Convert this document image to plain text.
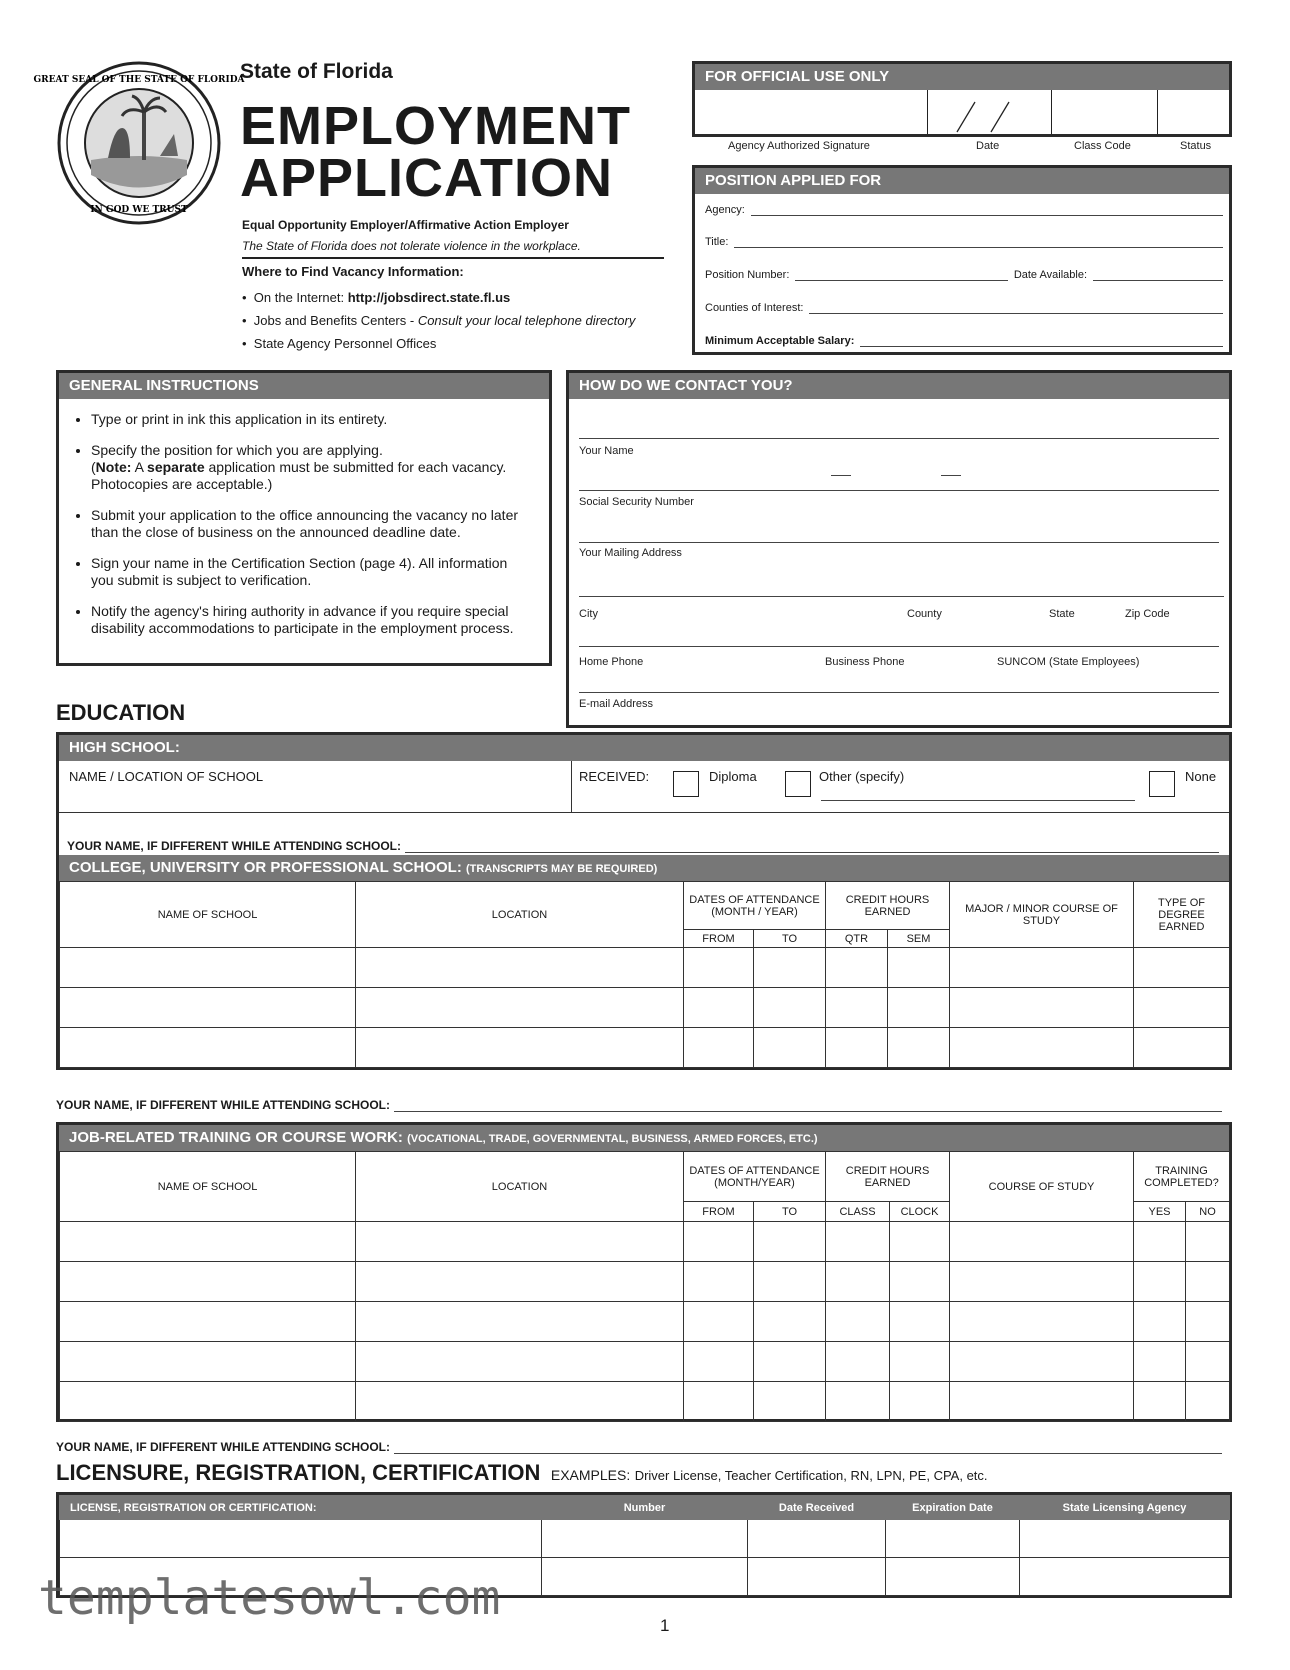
GREAT SEAL OF THE STATE OF FLORIDA
IN GOD WE TRUST
State of Florida
EMPLOYMENT
APPLICATION
Equal Opportunity Employer/Affirmative Action Employer
The State of Florida does not tolerate violence in the workplace.
Where to Find Vacancy Information:
•  On the Internet: http://jobsdirect.state.fl.us
•  Jobs and Benefits Centers - Consult your local telephone directory
•  State Agency Personnel Offices
FOR OFFICIAL USE ONLY
Agency Authorized Signature	Date	Class Code	Status
POSITION APPLIED FOR
Agency:
Title:
Position Number:	Date Available:
Counties of Interest:
Minimum Acceptable Salary:
GENERAL INSTRUCTIONS
• Type or print in ink this application in its entirety.
• Specify the position for which you are applying.
(Note: A separate application must be submitted for each vacancy. Photocopies are acceptable.)
• Submit your application to the office announcing the vacancy no later than the close of business on the announced deadline date.
• Sign your name in the Certification Section (page 4). All information you submit is subject to verification.
• Notify the agency's hiring authority in advance if you require special disability accommodations to participate in the employment process.
HOW DO WE CONTACT YOU?
Your Name
Social Security Number
Your Mailing Address
City	County	State	Zip Code
Home Phone	Business Phone	SUNCOM (State Employees)
E-mail Address
EDUCATION
HIGH SCHOOL:
NAME / LOCATION OF SCHOOL	RECEIVED:	Diploma	Other (specify)	None
YOUR NAME, IF DIFFERENT WHILE ATTENDING SCHOOL:
COLLEGE, UNIVERSITY OR PROFESSIONAL SCHOOL: (TRANSCRIPTS MAY BE REQUIRED)
NAME OF SCHOOL	LOCATION	DATES OF ATTENDANCE (MONTH / YEAR)		CREDIT HOURS EARNED		MAJOR / MINOR COURSE OF STUDY	TYPE OF DEGREE EARNED
		FROM	TO	QTR	SEM		

YOUR NAME, IF DIFFERENT WHILE ATTENDING SCHOOL:
JOB-RELATED TRAINING OR COURSE WORK: (VOCATIONAL, TRADE, GOVERNMENTAL, BUSINESS, ARMED FORCES, ETC.)
NAME OF SCHOOL	LOCATION	DATES OF ATTENDANCE (MONTH/YEAR)		CREDIT HOURS EARNED		COURSE OF STUDY	TRAINING COMPLETED?	
		FROM	TO	CLASS	CLOCK		YES	NO

YOUR NAME, IF DIFFERENT WHILE ATTENDING SCHOOL:
LICENSURE, REGISTRATION, CERTIFICATION EXAMPLES: Driver License, Teacher Certification, RN, LPN, PE, CPA, etc.
LICENSE, REGISTRATION OR CERTIFICATION:	Number	Date Received	Expiration Date	State Licensing Agency

templatesowl.com	1
